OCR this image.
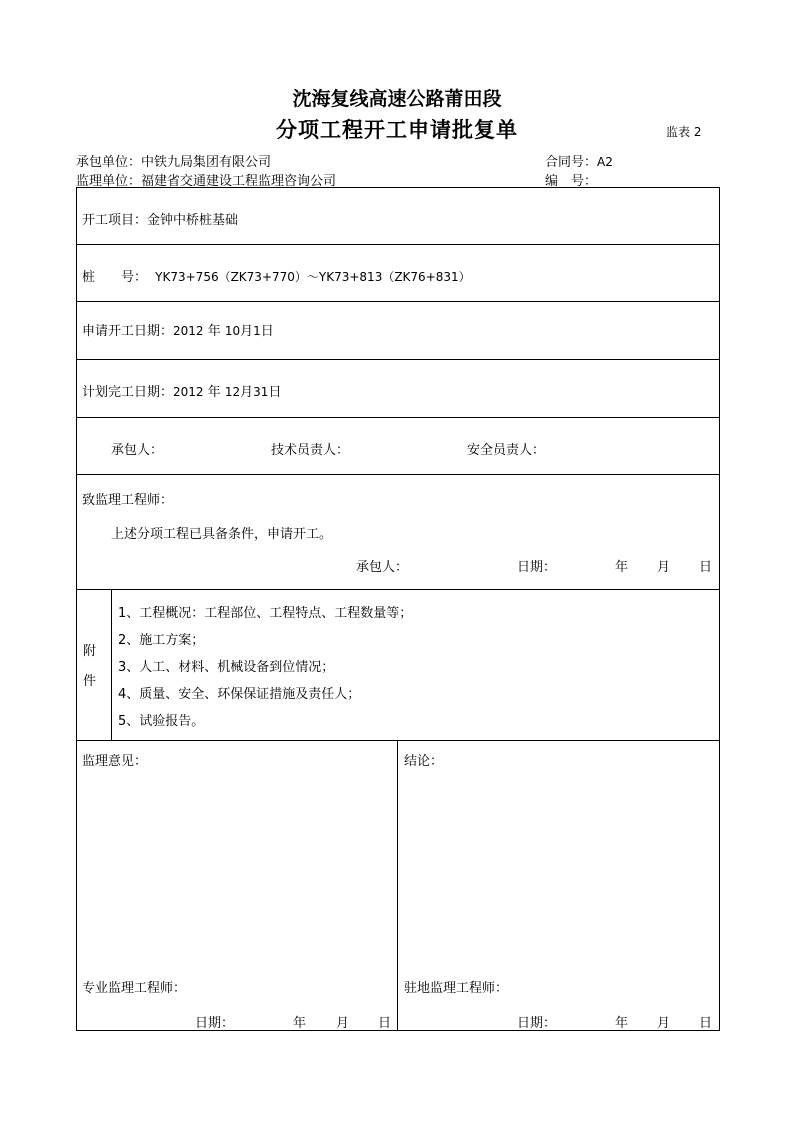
沈海复线高速公路莆田段
分项工程开工申请批复单	监表 2
承包单位：中铁九局集团有限公司	合同号：A2
监理单位：福建省交通建设工程监理咨询公司	编　号：
开工项目：金钟中桥桩基础
桩　　号： YK73+756（ZK73+770）～YK73+813（ZK76+831）
申请开工日期：2012 年 10月1日
计划完工日期：2012 年 12月31日
承包人：	技术员责人：	安全员责人：
致监理工程师：
上述分项工程已具备条件，申请开工。
承包人：	日期：	年 月 日
附
件
1、工程概况：工程部位、工程特点、工程数量等；
2、施工方案；
3、人工、材料、机械设备到位情况；
4、质量、安全、环保保证措施及责任人；
5、试验报告。
监理意见：	结论：
专业监理工程师：	驻地监理工程师：
日期：	年 月 日	日期：	年 月 日
